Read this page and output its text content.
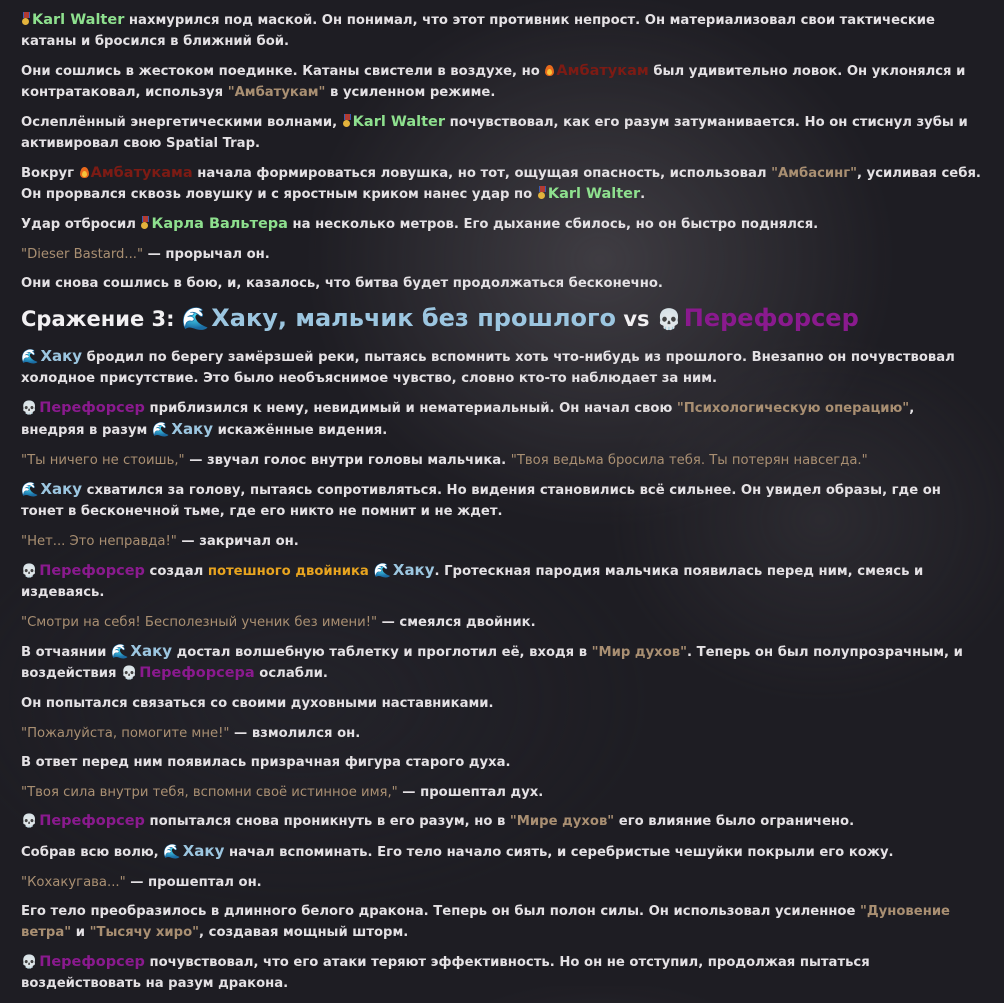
Karl Walter нахмурился под маской. Он понимал, что этот противник непрост. Он материализовал свои тактические катаны и бросился в ближний бой.

Они сошлись в жестоком поединке. Катаны свистели в воздухе, но Амбатукам был удивительно ловок. Он уклонялся и контратаковал, используя "Амбатукам" в усиленном режиме.

Ослеплённый энергетическими волнами, Karl Walter почувствовал, как его разум затуманивается. Но он стиснул зубы и активировал свою Spatial Trap.

Вокруг Амбатукама начала формироваться ловушка, но тот, ощущая опасность, использовал "Амбасинг", усиливая себя. Он прорвался сквозь ловушку и с яростным криком нанес удар по Karl Walter.

Удар отбросил Карла Вальтера на несколько метров. Его дыхание сбилось, но он быстро поднялся.

"Dieser Bastard..." — прорычал он.

Они снова сошлись в бою, и, казалось, что битва будет продолжаться бесконечно.

Сражение 3: 🌊Хаку, мальчик без прошлого vs 💀Перефорсер

🌊 Хаку бродил по берегу замёрзшей реки, пытаясь вспомнить хоть что-нибудь из прошлого. Внезапно он почувствовал холодное присутствие. Это было необъяснимое чувство, словно кто-то наблюдает за ним.

💀 Перефорсер приблизился к нему, невидимый и нематериальный. Он начал свою "Психологическую операцию", внедряя в разум 🌊 Хаку искажённые видения.

"Ты ничего не стоишь," — звучал голос внутри головы мальчика. "Твоя ведьма бросила тебя. Ты потерян навсегда."

🌊 Хаку схватился за голову, пытаясь сопротивляться. Но видения становились всё сильнее. Он увидел образы, где он тонет в бесконечной тьме, где его никто не помнит и не ждет.

"Нет... Это неправда!" — закричал он.

💀 Перефорсер создал потешного двойника 🌊 Хаку. Гротескная пародия мальчика появилась перед ним, смеясь и издеваясь.

"Смотри на себя! Бесполезный ученик без имени!" — смеялся двойник.

В отчаянии 🌊 Хаку достал волшебную таблетку и проглотил её, входя в "Мир духов". Теперь он был полупрозрачным, и воздействия 💀 Перефорсера ослабли.

Он попытался связаться со своими духовными наставниками.

"Пожалуйста, помогите мне!" — взмолился он.

В ответ перед ним появилась призрачная фигура старого духа.

"Твоя сила внутри тебя, вспомни своё истинное имя," — прошептал дух.

💀 Перефорсер попытался снова проникнуть в его разум, но в "Мире духов" его влияние было ограничено.

Собрав всю волю, 🌊 Хаку начал вспоминать. Его тело начало сиять, и серебристые чешуйки покрыли его кожу.

"Кохакугава..." — прошептал он.

Его тело преобразилось в длинного белого дракона. Теперь он был полон силы. Он использовал усиленное "Дуновение ветра" и "Тысячу хиро", создавая мощный шторм.

💀 Перефорсер почувствовал, что его атаки теряют эффективность. Но он не отступил, продолжая пытаться воздействовать на разум дракона.
